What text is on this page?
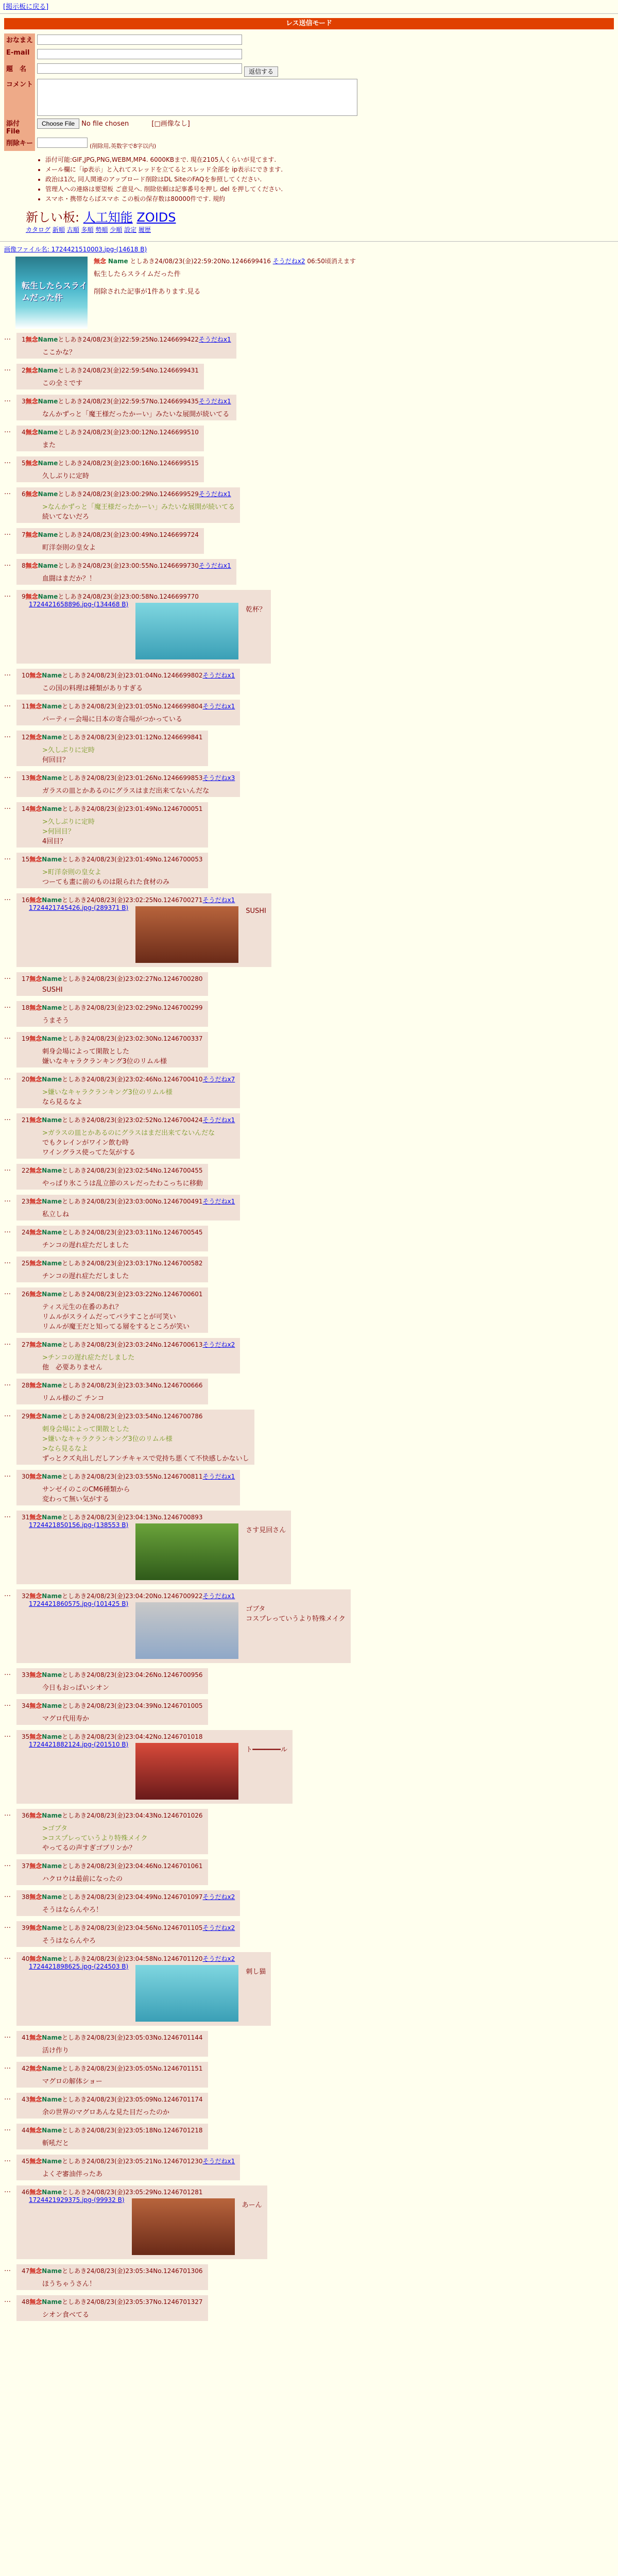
[掲示板に戻る]
レス送信モード
おなまえ	
E-mail	
題　名	返信する
コメント	

添付File	Choose File No file chosen [□画像なし]
削除キー	(削除用,英数字で8字以内)
• 添付可能:GIF,JPG,PNG,WEBM,MP4. 6000KBまで. 現在2105人くらいが見てます.
• メール欄に「ip表示」と入れてスレッドを立てるとスレッド全部を ip表示にできます.
• 政治は1次, 同人関連のアップロード削除はDL SiteのFAQを参照してください.
• 管理人への連絡は要望板 ご意見へ. 削除依頼は記事番号を押し del を押してください.
• スマホ・携帯ならばスマホ この板の保存数は80000件です. 規約
新しい板: 人工知能 ZOIDS
カタログ 新順 古順 多順 勢順 少順 設定 履歴
画像ファイル名: 1724421510003.jpg-(14618 B)
転生したらスライムだった件
無念 Name としあき24/08/23(金)22:59:20No.1246699416 そうだねx2 06:50頃消えます
転生したらスライムだった件

削除された記事が1件あります.見る
…	1無念Nameとしあき24/08/23(金)22:59:25No.1246699422そうだねx1
ここかな？
…	2無念Nameとしあき24/08/23(金)22:59:54No.1246699431
この全ミです
…	3無念Nameとしあき24/08/23(金)22:59:57No.1246699435そうだねx1
なんかずっと「魔王様だったかーい」みたいな展開が続いてる
…	4無念Nameとしあき24/08/23(金)23:00:12No.1246699510
また
…	5無念Nameとしあき24/08/23(金)23:00:16No.1246699515
久しぶりに定時
…	6無念Nameとしあき24/08/23(金)23:00:29No.1246699529そうだねx1
>なんかずっと「魔王様だったかーい」みたいな展開が続いてる
続いてないだろ
…	7無念Nameとしあき24/08/23(金)23:00:49No.1246699724
町洋奈則の皇女よ
…	8無念Nameとしあき24/08/23(金)23:00:55No.1246699730そうだねx1
血闘はまだか？！
…	9無念Nameとしあき24/08/23(金)23:00:58No.1246699770
1724421658896.jpg-(134468 B)
乾杯？
…	10無念Nameとしあき24/08/23(金)23:01:04No.1246699802そうだねx1
この国の料理は種類がありすぎる
…	11無念Nameとしあき24/08/23(金)23:01:05No.1246699804そうだねx1
パーティー会場に日本の寄合場がつかっている
…	12無念Nameとしあき24/08/23(金)23:01:12No.1246699841
>久しぶりに定時
何回目？
…	13無念Nameとしあき24/08/23(金)23:01:26No.1246699853そうだねx3
ガラスの皿とかあるのにグラスはまだ出来てないんだな
…	14無念Nameとしあき24/08/23(金)23:01:49No.1246700051
>久しぶりに定時
>何回目？
4回目？
…	15無念Nameとしあき24/08/23(金)23:01:49No.1246700053
>町洋奈則の皇女よ
つーても畫に前のものは限られた食材のみ
…	16無念Nameとしあき24/08/23(金)23:02:25No.1246700271そうだねx1
1724421745426.jpg-(289371 B)	SUSHI
…	17無念Nameとしあき24/08/23(金)23:02:27No.1246700280
SUSHI
…	18無念Nameとしあき24/08/23(金)23:02:29No.1246700299
うまそう
…	19無念Nameとしあき24/08/23(金)23:02:30No.1246700337
刺身会場によって閑散とした
嫌いなキャラクランキング3位のリムル様
…	20無念Nameとしあき24/08/23(金)23:02:46No.1246700410そうだねx7
>嫌いなキャラクランキング3位のリムル様
なら見るなよ
…	21無念Nameとしあき24/08/23(金)23:02:52No.1246700424そうだねx1
>ガラスの皿とかあるのにグラスはまだ出来てないんだな
でもクレインがワイン飲む時
ワイングラス使ってた気がする
…	22無念Nameとしあき24/08/23(金)23:02:54No.1246700455
やっぱり氷こうは乱立節のスレだったわこっちに移動
…	23無念Nameとしあき24/08/23(金)23:03:00No.1246700491そうだねx1
私立しね
…	24無念Nameとしあき24/08/23(金)23:03:11No.1246700545
チンコの遅れ症ただしました
…	25無念Nameとしあき24/08/23(金)23:03:17No.1246700582
チンコの遅れ症ただしました
…	26無念Nameとしあき24/08/23(金)23:03:22No.1246700601
ティス元生の在番のあれ？
リムルがスライムだってバラすことが可笑い
リムルが魔王だと知ってる層をするところが笑い
…	27無念Nameとしあき24/08/23(金)23:03:24No.1246700613そうだねx2
>チンコの遅れ症ただしました
他　必要ありません
…	28無念Nameとしあき24/08/23(金)23:03:34No.1246700666
リムル様のご チンコ
…	29無念Nameとしあき24/08/23(金)23:03:54No.1246700786
刺身会場によって閑散とした
>嫌いなキャラクランキング3位のリムル様
>なら見るなよ
ずっとクズ丸出しだしアンチキャスで党持ち悪くて不快感しかないし
…	30無念Nameとしあき24/08/23(金)23:03:55No.1246700811そうだねx1
サンゼイのこのCM6種類から
変わって無い気がする
…	31無念Nameとしあき24/08/23(金)23:04:13No.1246700893
1724421850156.jpg-(138553 B)
さす見回さん
…	32無念Nameとしあき24/08/23(金)23:04:20No.1246700922そうだねx1
1724421860575.jpg-(101425 B)
ゴブタ
コスプレっていうより特殊メイク
…	33無念Nameとしあき24/08/23(金)23:04:26No.1246700956
今日もおっぱいシオン
…	34無念Nameとしあき24/08/23(金)23:04:39No.1246701005
マグロ代用寿か
…	35無念Nameとしあき24/08/23(金)23:04:42No.1246701018
1724421882124.jpg-(201510 B)
ト━━━━━━━ル
…	36無念Nameとしあき24/08/23(金)23:04:43No.1246701026
>ゴブタ
>コスプレっていうより特殊メイク
やってるの声すぎゴブリンか？
…	37無念Nameとしあき24/08/23(金)23:04:46No.1246701061
ハクロウは最前になったの
…	38無念Nameとしあき24/08/23(金)23:04:49No.1246701097そうだねx2
そうはならんやろ！
…	39無念Nameとしあき24/08/23(金)23:04:56No.1246701105そうだねx2
そうはならんやろ
…	40無念Nameとしあき24/08/23(金)23:04:58No.1246701120そうだねx2
1724421898625.jpg-(224503 B)
刺し猫
…	41無念Nameとしあき24/08/23(金)23:05:03No.1246701144
活け作り
…	42無念Nameとしあき24/08/23(金)23:05:05No.1246701151
マグロの解体ショー
…	43無念Nameとしあき24/08/23(金)23:05:09No.1246701174
余の世界のマグロあんな見た目だったのか
…	44無念Nameとしあき24/08/23(金)23:05:18No.1246701218
斬吼だと
…	45無念Nameとしあき24/08/23(金)23:05:21No.1246701230そうだねx1
よくぞ審油伴ったあ
…	46無念Nameとしあき24/08/23(金)23:05:29No.1246701281
1724421929375.jpg-(99932 B)
あーん
…	47無念Nameとしあき24/08/23(金)23:05:34No.1246701306
ほうちゃうさん！
…	48無念Nameとしあき24/08/23(金)23:05:37No.1246701327
シオン食べてる
